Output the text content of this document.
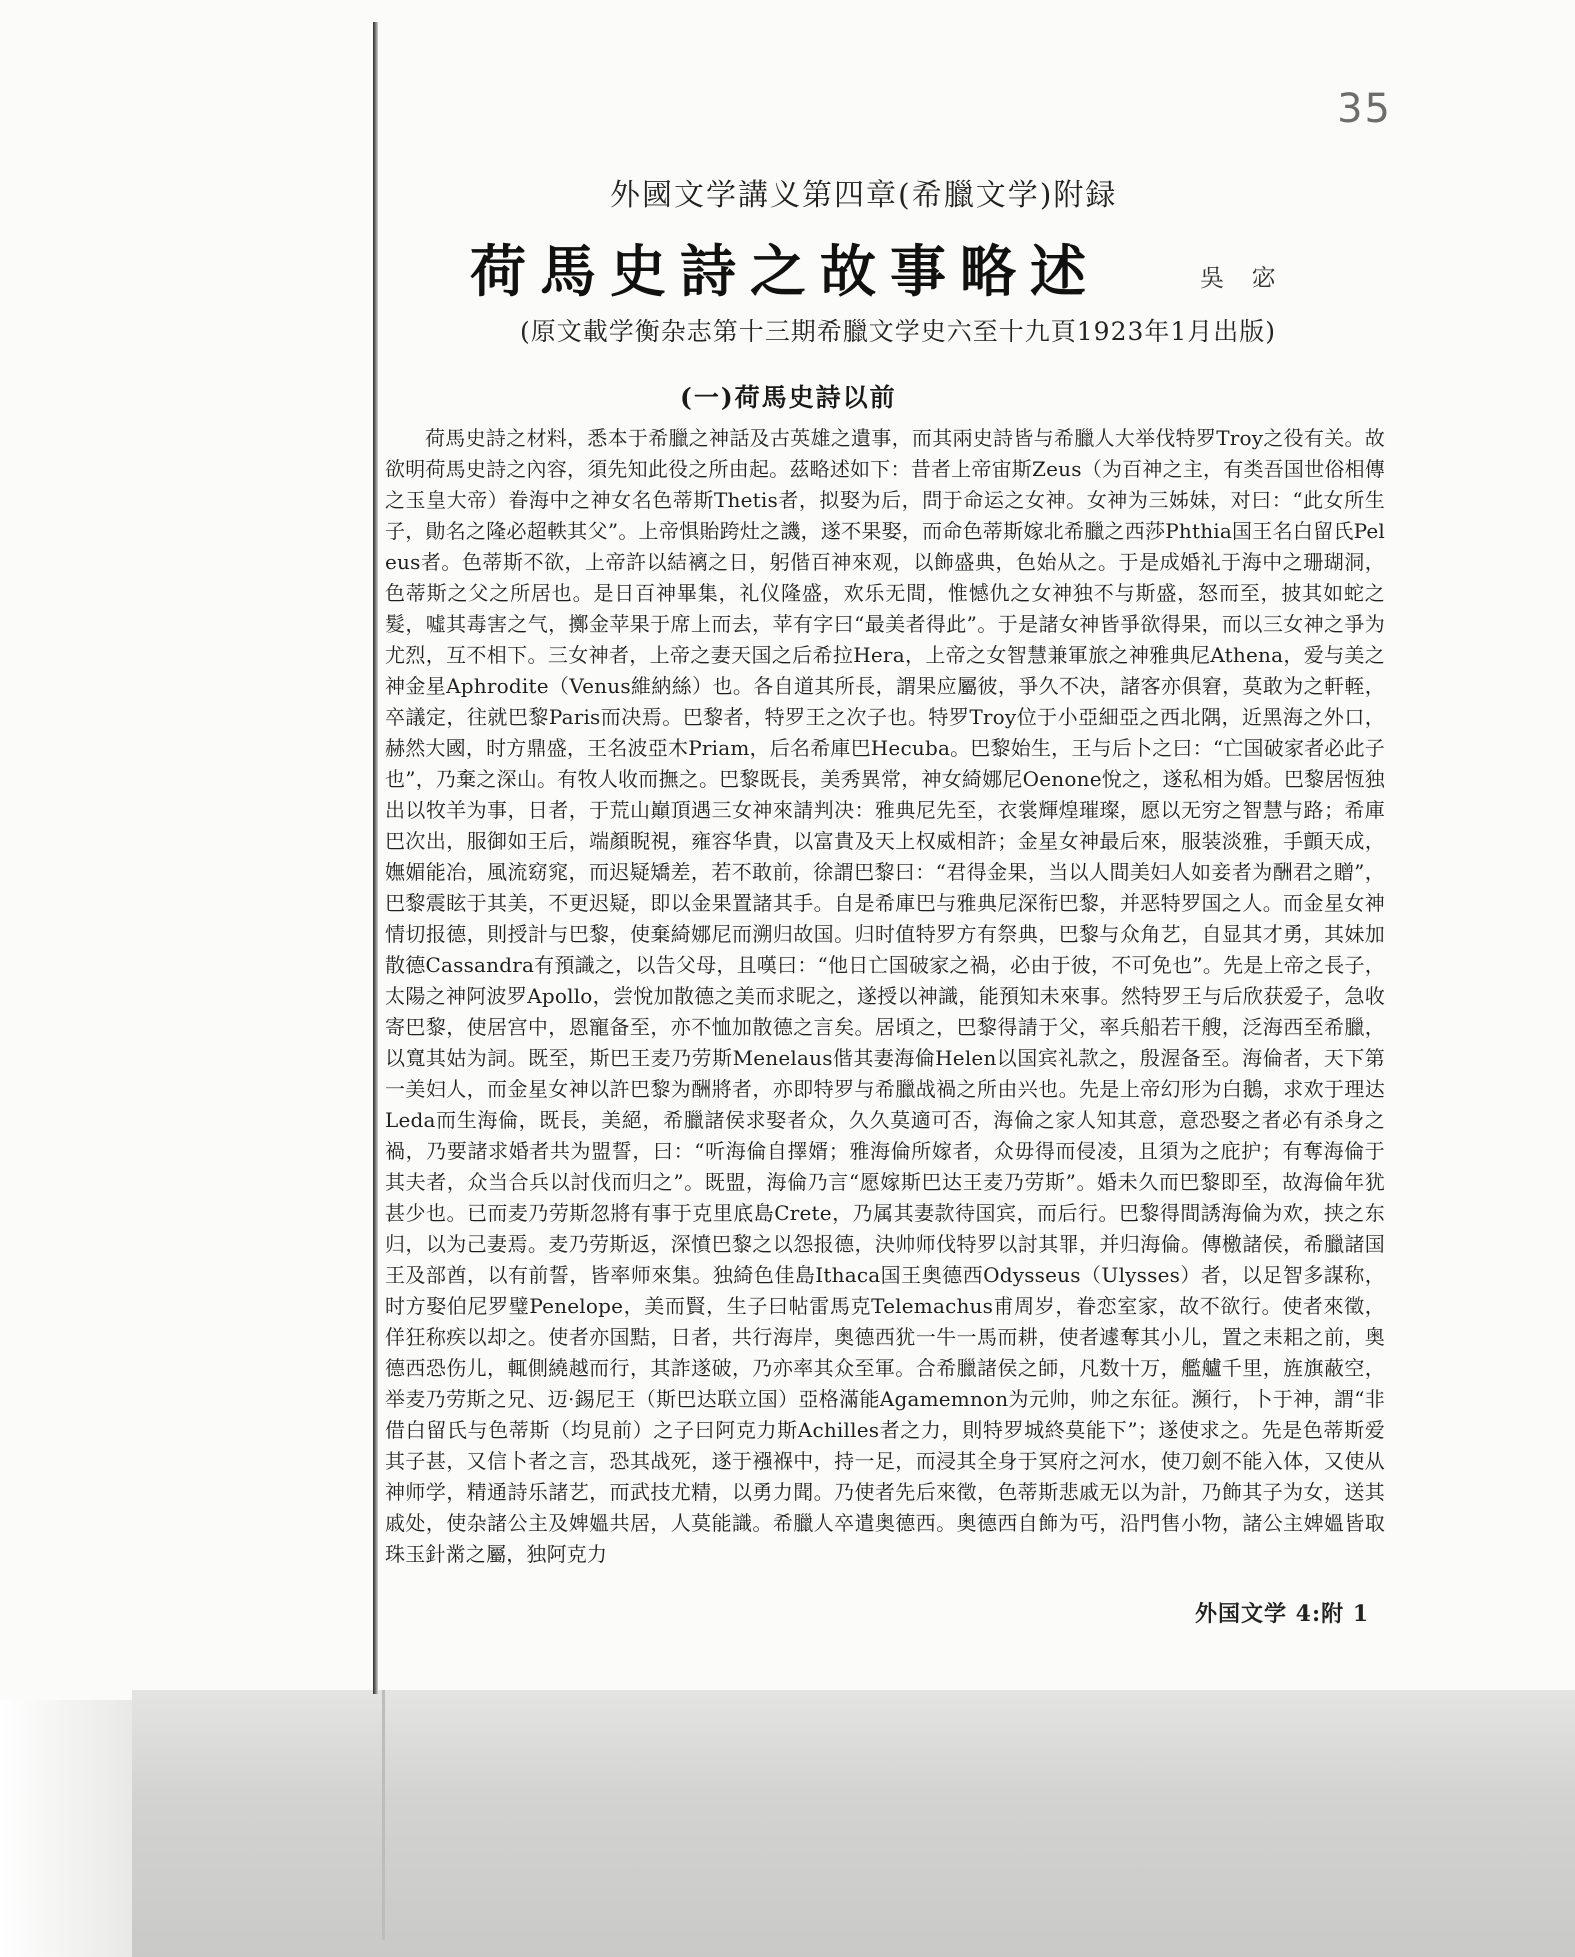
35
外國文学講义第四章(希臘文学)附録
荷馬史詩之故事略述	吳 宓
(原文載学衡杂志第十三期希臘文学史六至十九頁1923年1月出版)
(一)荷馬史詩以前

荷馬史詩之材料，悉本于希臘之神話及古英雄之遺事，而其兩史詩皆与希臘人大举伐特罗Troy之役有关。故欲明荷馬史詩之內容，須先知此役之所由起。茲略述如下：昔者上帝宙斯Zeus（为百神之主，有类吾国世俗相傳之玉皇大帝）眷海中之神女名色蒂斯Thetis者，拟娶为后，問于命运之女神。女神为三姊妹，对曰：“此女所生子，勛名之隆必超軼其父”。上帝惧貽跨灶之譏，遂不果娶，而命色蒂斯嫁北希臘之西莎Phthia国王名白留氏Peleus者。色蒂斯不欲，上帝許以結褵之日，躬偕百神來观，以飾盛典，色始从之。于是成婚礼于海中之珊瑚洞，色蒂斯之父之所居也。是日百神畢集，礼仪隆盛，欢乐无間，惟憾仇之女神独不与斯盛，怒而至，披其如蛇之髮，噓其毒害之气，擲金苹果于席上而去，苹有字曰“最美者得此”。于是諸女神皆爭欲得果，而以三女神之爭为尤烈，互不相下。三女神者，上帝之妻天国之后希拉Hera，上帝之女智慧兼軍旅之神雅典尼Athena，爱与美之神金星Aphrodite（Venus維納絲）也。各自道其所長，謂果应屬彼，爭久不决，諸客亦俱窘，莫敢为之軒輊，卒議定，往就巴黎Paris而决焉。巴黎者，特罗王之次子也。特罗Troy位于小亞細亞之西北隅，近黑海之外口，赫然大國，时方鼎盛，王名波亞木Priam，后名希庫巴Hecuba。巴黎始生，王与后卜之曰：“亡国破家者必此子也”，乃棄之深山。有牧人收而撫之。巴黎既長，美秀異常，神女綺娜尼Oenone悅之，遂私相为婚。巴黎居恆独出以牧羊为事，日者，于荒山巔頂遇三女神來請判决：雅典尼先至，衣裳輝煌璀璨，愿以无穷之智慧与路；希庫巴次出，服御如王后，端顏睨視，雍容华貴，以富貴及天上权威相許；金星女神最后來，服装淡雅，手顫天成，嫵媚能冶，風流窈窕，而迟疑矯差，若不敢前，徐謂巴黎曰：“君得金果，当以人間美妇人如妾者为酬君之贈”，巴黎震眩于其美，不更迟疑，即以金果置諸其手。自是希庫巴与雅典尼深衔巴黎，并恶特罗国之人。而金星女神情切报德，則授計与巴黎，使棄綺娜尼而溯归故国。归时值特罗方有祭典，巴黎与众角艺，自显其才勇，其妹加散德Cassandra有預識之，以告父母，且嘆曰：“他日亡国破家之禍，必由于彼，不可免也”。先是上帝之長子，太陽之神阿波罗Apollo，尝悅加散德之美而求昵之，遂授以神識，能預知未來事。然特罗王与后欣获爱子，急收寄巴黎，使居宫中，恩寵备至，亦不恤加散德之言矣。居頃之，巴黎得請于父，率兵船若干艘，泛海西至希臘，以寬其姑为詞。既至，斯巴王麦乃劳斯Menelaus偕其妻海倫Helen以国宾礼款之，殷渥备至。海倫者，天下第一美妇人，而金星女神以許巴黎为酬將者，亦即特罗与希臘战禍之所由兴也。先是上帝幻形为白鵝，求欢于理达Leda而生海倫，既長，美絕，希臘諸侯求娶者众，久久莫適可否，海倫之家人知其意，意恐娶之者必有杀身之禍，乃要諸求婚者共为盟誓，曰：“听海倫自擇婿；雅海倫所嫁者，众毋得而侵凌，且須为之庇护；有奪海倫于其夫者，众当合兵以討伐而归之”。既盟，海倫乃言“愿嫁斯巴达王麦乃劳斯”。婚未久而巴黎即至，故海倫年犹甚少也。已而麦乃劳斯忽將有事于克里底島Crete，乃属其妻款待国宾，而后行。巴黎得間誘海倫为欢，挟之东归，以为己妻焉。麦乃劳斯返，深憤巴黎之以怨报德，決帅师伐特罗以討其罪，并归海倫。傳檄諸侯，希臘諸国王及部酋，以有前誓，皆率师來集。独綺色佳島Ithaca国王奥德西Odysseus（Ulysses）者，以足智多謀称，时方娶伯尼罗璧Penelope，美而賢，生子曰帖雷馬克Telemachus甫周岁，眷恋室家，故不欲行。使者來徵，佯狂称疾以却之。使者亦国黠，日者，共行海岸，奥德西犹一牛一馬而耕，使者遽奪其小儿，置之耒耜之前，奥德西恐伤儿，輒側繞越而行，其詐遂破，乃亦率其众至軍。合希臘諸侯之師，凡数十万，艦艫千里，旌旗蔽空，举麦乃劳斯之兄、迈·錫尼王（斯巴达联立国）亞格滿能Agamemnon为元帅，帅之东征。瀕行，卜于神，謂“非借白留氏与色蒂斯（均見前）之子曰阿克力斯Achilles者之力，則特罗城終莫能下”；遂使求之。先是色蒂斯爱其子甚，又信卜者之言，恐其战死，遂于襁褓中，持一足，而浸其全身于冥府之河水，使刀劍不能入体，又使从神师学，精通詩乐諸艺，而武技尤精，以勇力聞。乃使者先后來徵，色蒂斯悲戚无以为計，乃飾其子为女，送其戚处，使杂諸公主及婢媼共居，人莫能識。希臘人卒遣奥德西。奥德西自飾为丐，沿門售小物，諸公主婢媼皆取珠玉針黹之屬，独阿克力

外国文学 4:附 1
